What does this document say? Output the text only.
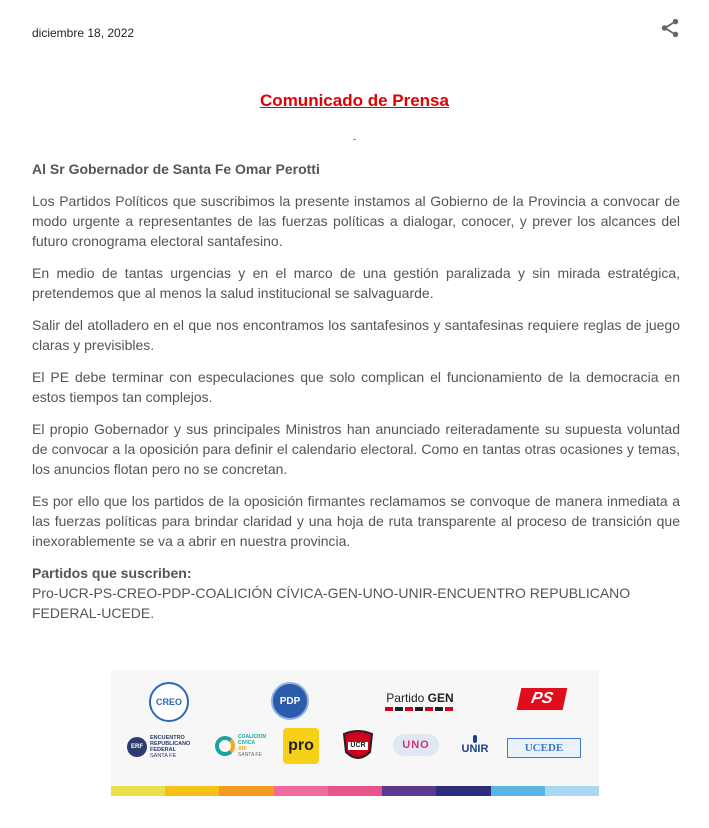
diciembre 18, 2022
Comunicado de Prensa

Al Sr Gobernador de Santa Fe Omar Perotti

Los Partidos Políticos que suscribimos la presente instamos al Gobierno de la Provincia a convocar de modo urgente a representantes de las fuerzas políticas a dialogar, conocer, y prever los alcances del futuro cronograma electoral santafesino.

En medio de tantas urgencias y en el marco de una gestión paralizada y sin mirada estratégica, pretendemos que al menos la salud institucional se salvaguarde.

Salir del atolladero en el que nos encontramos los santafesinos y santafesinas requiere reglas de juego claras y previsibles.

El PE debe terminar con especulaciones que solo complican el funcionamiento de la democracia en estos tiempos tan complejos.

El propio Gobernador y sus principales Ministros han anunciado reiteradamente su supuesta voluntad de convocar a la oposición para definir el calendario electoral. Como en tantas otras ocasiones y temas, los anuncios flotan pero no se concretan.

Es por ello que los partidos de la oposición firmantes reclamamos se convoque de manera inmediata a las fuerzas políticas para brindar claridad y una hoja de ruta transparente al proceso de transición que inexorablemente se va a abrir en nuestra provincia.

Partidos que suscriben:

Pro-UCR-PS-CREO-PDP-COALICIÓN CÍVICA-GEN-UNO-UNIR-ENCUENTRO REPUBLICANO FEDERAL-UCEDE.

CREO	PDP	Partido GEN	PS
ERF
ENCUENTRO
REPUBLICANO
FEDERAL
SANTA FE
COALICION
CIVICA
ARI
SANTA FE
pro	UCR	UNO	UNIR	UCEDE
